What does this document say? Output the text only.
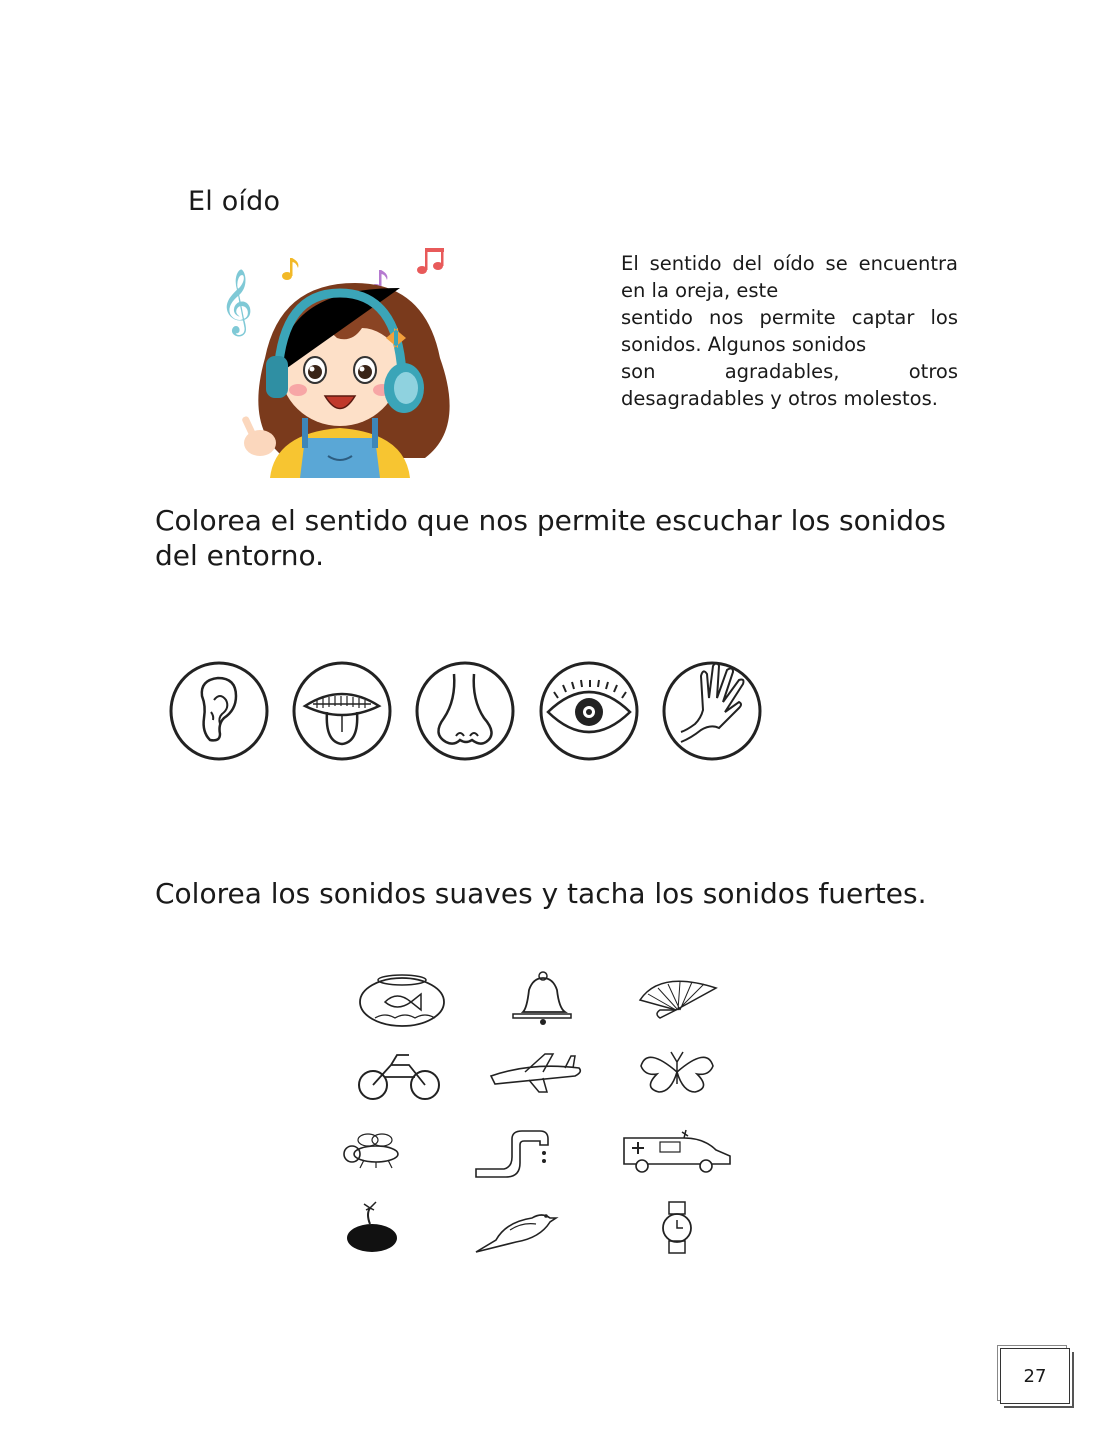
El oído
𝄞
El sentido del oído se encuentra
en la oreja, este
sentido nos permite captar los
sonidos. Algunos sonidos
son agradables, otros
desagradables y otros molestos.
Colorea el sentido que nos permite escuchar los sonidos del entorno.
Colorea los sonidos suaves y tacha los sonidos fuertes.
27
